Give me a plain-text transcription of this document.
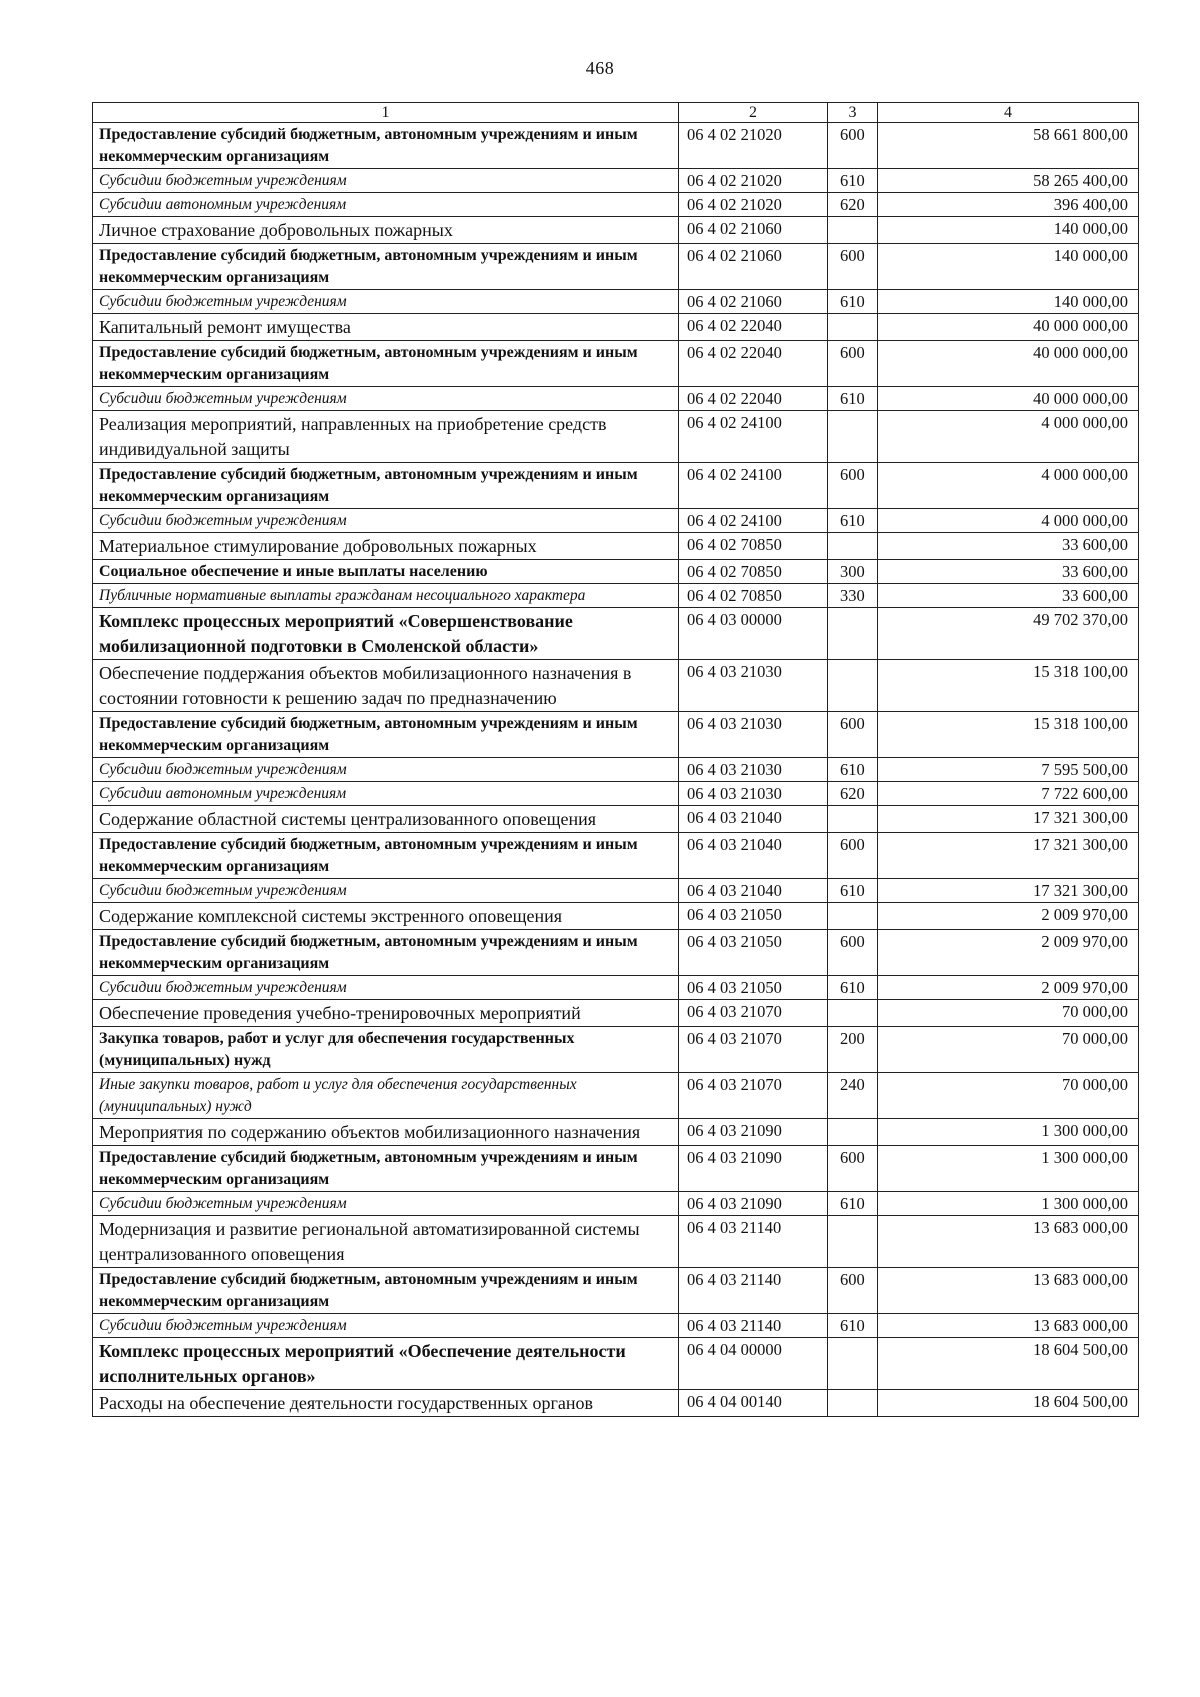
468
1	2	3	4
Предоставление субсидий бюджетным, автономным учреждениям и иным некоммерческим организациям	06 4 02 21020	600	58 661 800,00
Субсидии бюджетным учреждениям	06 4 02 21020	610	58 265 400,00
Субсидии автономным учреждениям	06 4 02 21020	620	396 400,00
Личное страхование добровольных пожарных	06 4 02 21060		140 000,00
Предоставление субсидий бюджетным, автономным учреждениям и иным некоммерческим организациям	06 4 02 21060	600	140 000,00
Субсидии бюджетным учреждениям	06 4 02 21060	610	140 000,00
Капитальный ремонт имущества	06 4 02 22040		40 000 000,00
Предоставление субсидий бюджетным, автономным учреждениям и иным некоммерческим организациям	06 4 02 22040	600	40 000 000,00
Субсидии бюджетным учреждениям	06 4 02 22040	610	40 000 000,00
Реализация мероприятий, направленных на приобретение средств индивидуальной защиты	06 4 02 24100		4 000 000,00
Предоставление субсидий бюджетным, автономным учреждениям и иным некоммерческим организациям	06 4 02 24100	600	4 000 000,00
Субсидии бюджетным учреждениям	06 4 02 24100	610	4 000 000,00
Материальное стимулирование добровольных пожарных	06 4 02 70850		33 600,00
Социальное обеспечение и иные выплаты населению	06 4 02 70850	300	33 600,00
Публичные нормативные выплаты гражданам несоциального характера	06 4 02 70850	330	33 600,00
Комплекс процессных мероприятий «Совершенствование мобилизационной подготовки в Смоленской области»	06 4 03 00000		49 702 370,00
Обеспечение поддержания объектов мобилизационного назначения в состоянии готовности к решению задач по предназначению	06 4 03 21030		15 318 100,00
Предоставление субсидий бюджетным, автономным учреждениям и иным некоммерческим организациям	06 4 03 21030	600	15 318 100,00
Субсидии бюджетным учреждениям	06 4 03 21030	610	7 595 500,00
Субсидии автономным учреждениям	06 4 03 21030	620	7 722 600,00
Содержание областной системы централизованного оповещения	06 4 03 21040		17 321 300,00
Предоставление субсидий бюджетным, автономным учреждениям и иным некоммерческим организациям	06 4 03 21040	600	17 321 300,00
Субсидии бюджетным учреждениям	06 4 03 21040	610	17 321 300,00
Содержание комплексной системы экстренного оповещения	06 4 03 21050		2 009 970,00
Предоставление субсидий бюджетным, автономным учреждениям и иным некоммерческим организациям	06 4 03 21050	600	2 009 970,00
Субсидии бюджетным учреждениям	06 4 03 21050	610	2 009 970,00
Обеспечение проведения учебно-тренировочных мероприятий	06 4 03 21070		70 000,00
Закупка товаров, работ и услуг для обеспечения государственных (муниципальных) нужд	06 4 03 21070	200	70 000,00
Иные закупки товаров, работ и услуг для обеспечения государственных (муниципальных) нужд	06 4 03 21070	240	70 000,00
Мероприятия по содержанию объектов мобилизационного назначения	06 4 03 21090		1 300 000,00
Предоставление субсидий бюджетным, автономным учреждениям и иным некоммерческим организациям	06 4 03 21090	600	1 300 000,00
Субсидии бюджетным учреждениям	06 4 03 21090	610	1 300 000,00
Модернизация и развитие региональной автоматизированной системы централизованного оповещения	06 4 03 21140		13 683 000,00
Предоставление субсидий бюджетным, автономным учреждениям и иным некоммерческим организациям	06 4 03 21140	600	13 683 000,00
Субсидии бюджетным учреждениям	06 4 03 21140	610	13 683 000,00
Комплекс процессных мероприятий «Обеспечение деятельности исполнительных органов»	06 4 04 00000		18 604 500,00
Расходы на обеспечение деятельности государственных органов	06 4 04 00140		18 604 500,00
